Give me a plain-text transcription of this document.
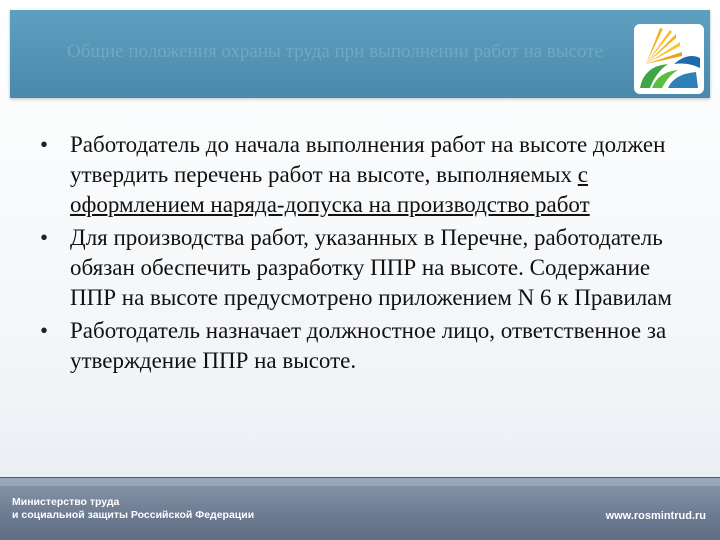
Общие положения охраны труда при выполнении работ на высоте
• Работодатель до начала выполнения работ на высоте должен утвердить перечень работ на высоте, выполняемых с оформлением наряда-допуска на производство работ
• Для производства работ, указанных в Перечне, работодатель обязан обеспечить разработку ППР на высоте. Содержание ППР на высоте предусмотрено приложением N 6 к Правилам
• Работодатель назначает должностное лицо, ответственное за утверждение ППР на высоте.
Министерство труда
и социальной защиты Российской Федерации	www.rosmintrud.ru
